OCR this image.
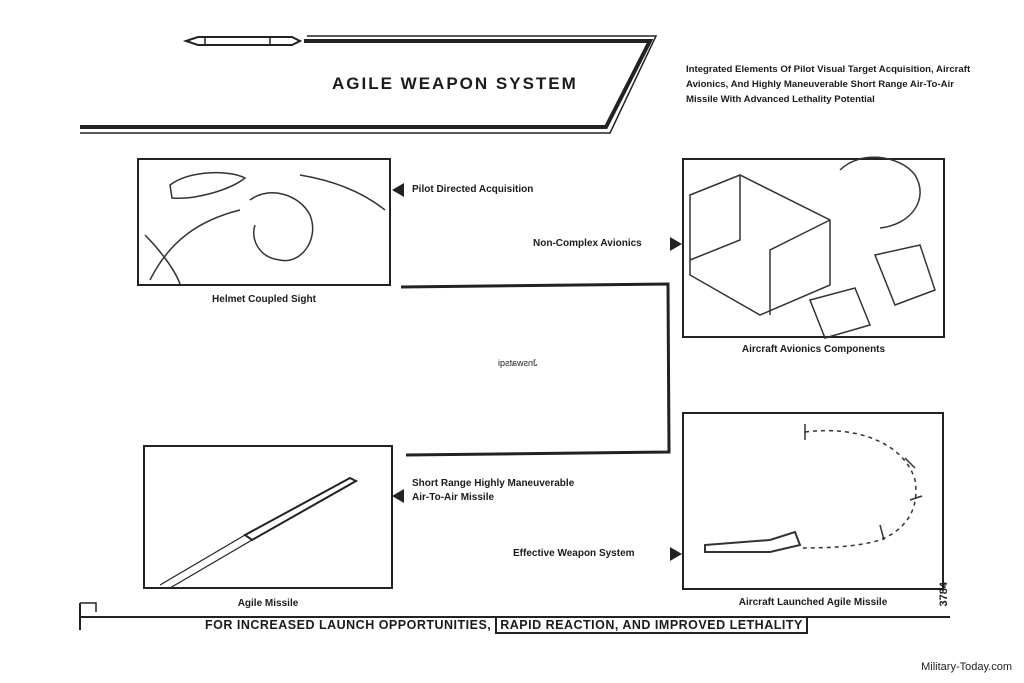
AGILE WEAPON SYSTEM
Integrated Elements Of Pilot Visual Target Acquisition, Aircraft Avionics, And Highly Maneuverable Short Range Air-To-Air Missile With Advanced Lethality Potential
Pilot Directed Acquisition
Non-Complex Avionics
Short Range Highly Maneuverable
Air-To-Air Missile
Effective Weapon System
Helmet Coupled Sight
Aircraft Avionics Components
Agile Missile	Aircraft Launched Agile Missile
Jnswatsqi
FOR INCREASED LAUNCH OPPORTUNITIES, RAPID REACTION, AND IMPROVED LETHALITY
3784
Military-Today.com
